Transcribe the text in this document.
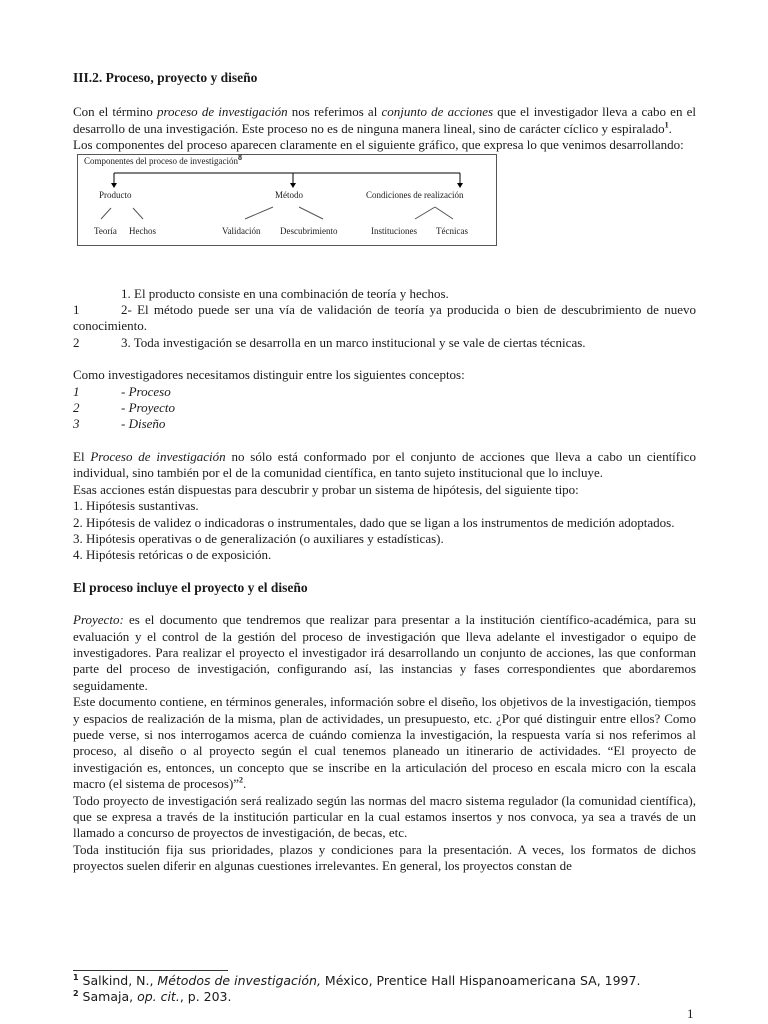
III.2. Proceso, proyecto y diseño

Con el término proceso de investigación nos referimos al conjunto de acciones que el investigador lleva a cabo en el desarrollo de una investigación. Este proceso no es de ninguna manera lineal, sino de carácter cíclico y espiralado$^1$.

Los componentes del proceso aparecen claramente en el siguiente gráfico, que expresa lo que venimos desarrollando:

Componentes del proceso de investigación$^8$
Producto	Método	Condiciones de realización
Teoría Hechos	Validación Descubrimiento	Instituciones Técnicas

1. El producto consiste en una combinación de teoría y hechos.

1	2- El método puede ser una vía de validación de teoría ya producida o bien de descubrimiento de nuevo conocimiento.

2	3. Toda investigación se desarrolla en un marco institucional y se vale de ciertas técnicas.

Como investigadores necesitamos distinguir entre los siguientes conceptos:

1	- Proceso

2	- Proyecto

3	- Diseño

El Proceso de investigación no sólo está conformado por el conjunto de acciones que lleva a cabo un científico individual, sino también por el de la comunidad científica, en tanto sujeto institucional que lo incluye.

Esas acciones están dispuestas para descubrir y probar un sistema de hipótesis, del siguiente tipo:

1. Hipótesis sustantivas.

2. Hipótesis de validez o indicadoras o instrumentales, dado que se ligan a los instrumentos de medición adoptados.

3. Hipótesis operativas o de generalización (o auxiliares y estadísticas).

4. Hipótesis retóricas o de exposición.

El proceso incluye el proyecto y el diseño

Proyecto: es el documento que tendremos que realizar para presentar a la institución científico-académica, para su evaluación y el control de la gestión del proceso de investigación que lleva adelante el investigador o equipo de investigadores. Para realizar el proyecto el investigador irá desarrollando un conjunto de acciones, las que conforman parte del proceso de investigación, configurando así, las instancias y fases correspondientes que abordaremos seguidamente.

Este documento contiene, en términos generales, información sobre el diseño, los objetivos de la investigación, tiempos y espacios de realización de la misma, plan de actividades, un presupuesto, etc. ¿Por qué distinguir entre ellos? Como puede verse, si nos interrogamos acerca de cuándo comienza la investigación, la respuesta varía si nos referimos al proceso, al diseño o al proyecto según el cual tenemos planeado un itinerario de actividades. “El proyecto de investigación es, entonces, un concepto que se inscribe en la articulación del proceso en escala micro con la escala macro (el sistema de procesos)”$^2$.

Todo proyecto de investigación será realizado según las normas del macro sistema regulador (la comunidad científica), que se expresa a través de la institución particular en la cual estamos insertos y nos convoca, ya sea a través de un llamado a concurso de proyectos de investigación, de becas, etc.

Toda institución fija sus prioridades, plazos y condiciones para la presentación. A veces, los formatos de dichos proyectos suelen diferir en algunas cuestiones irrelevantes. En general, los proyectos constan de

$^1$ Salkind, N., Métodos de investigación, México, Prentice Hall Hispanoamericana SA, 1997.
$^2$ Samaja, op. cit., p. 203.
1
